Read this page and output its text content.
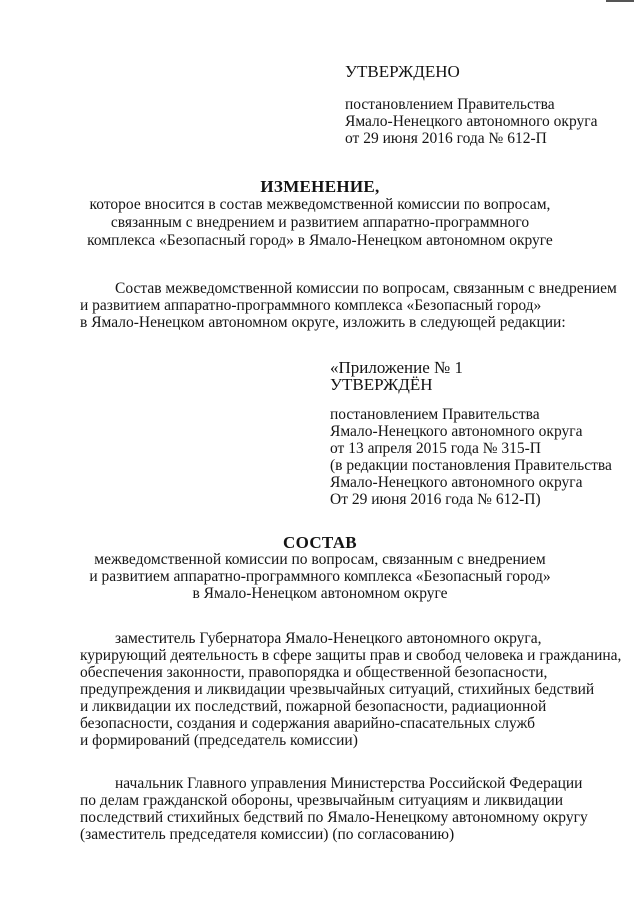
УТВЕРЖДЕНО
постановлением Правительства
Ямало-Ненецкого автономного округа
от 29 июня 2016 года № 612-П
ИЗМЕНЕНИЕ,
которое вносится в состав межведомственной комиссии по вопросам,
связанным с внедрением и развитием аппаратно-программного
комплекса «Безопасный город» в Ямало-Ненецком автономном округе
Состав межведомственной комиссии по вопросам, связанным с внедрением
и развитием аппаратно-программного комплекса «Безопасный город»
в Ямало-Ненецком автономном округе, изложить в следующей редакции:
«Приложение № 1
УТВЕРЖДЁН
постановлением Правительства
Ямало-Ненецкого автономного округа
от 13 апреля 2015 года № 315-П
(в редакции постановления Правительства
Ямало-Ненецкого автономного округа
От 29 июня 2016 года № 612-П)
СОСТАВ
межведомственной комиссии по вопросам, связанным с внедрением
и развитием аппаратно-программного комплекса «Безопасный город»
в Ямало-Ненецком автономном округе
заместитель Губернатора Ямало-Ненецкого автономного округа,
курирующий деятельность в сфере защиты прав и свобод человека и гражданина,
обеспечения законности, правопорядка и общественной безопасности,
предупреждения и ликвидации чрезвычайных ситуаций, стихийных бедствий
и ликвидации их последствий, пожарной безопасности, радиационной
безопасности, создания и содержания аварийно-спасательных служб
и формирований (председатель комиссии)
начальник Главного управления Министерства Российской Федерации
по делам гражданской обороны, чрезвычайным ситуациям и ликвидации
последствий стихийных бедствий по Ямало-Ненецкому автономному округу
(заместитель председателя комиссии) (по согласованию)
